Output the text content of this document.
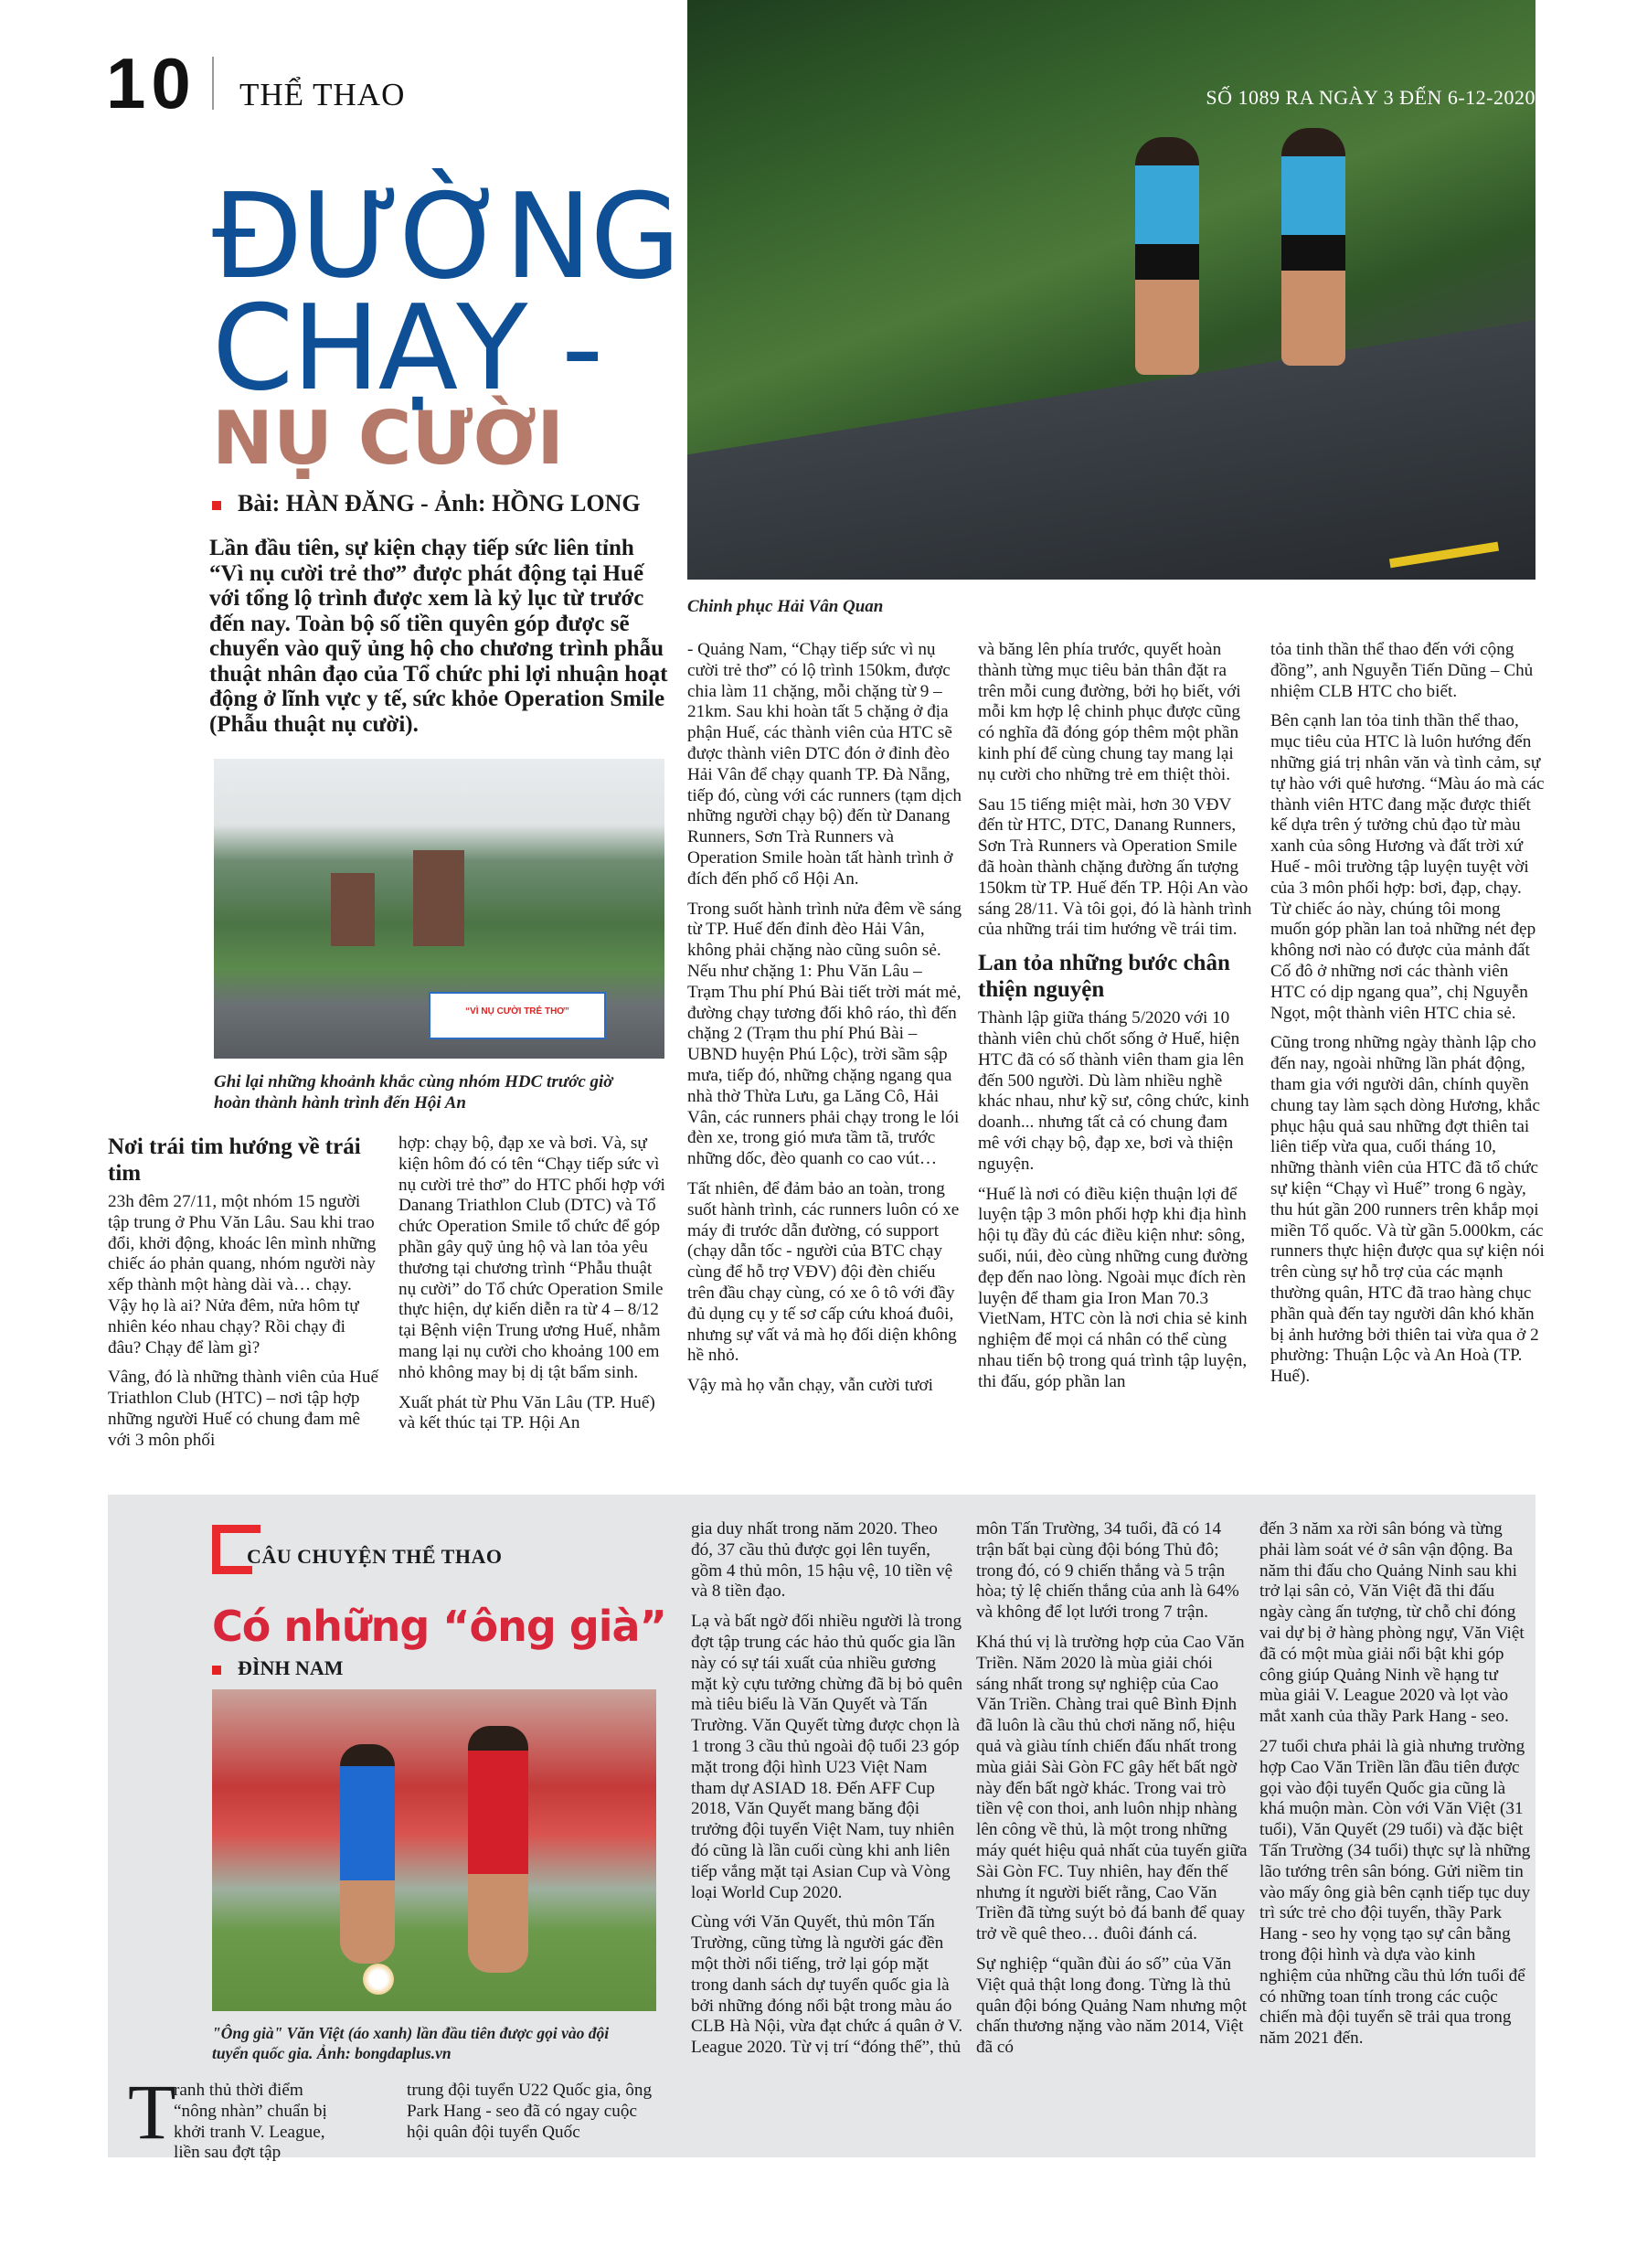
10 THỂ THAO	SỐ 1089 RA NGÀY 3 ĐẾN 6-12-2020
ĐƯỜNG
CHẠY -
NỤ CƯỜI
Bài: HÀN ĐĂNG - Ảnh: HỒNG LONG
Lần đầu tiên, sự kiện chạy tiếp sức liên tỉnh “Vì nụ cười trẻ thơ” được phát động tại Huế với tổng lộ trình được xem là kỷ lục từ trước đến nay. Toàn bộ số tiền quyên góp được sẽ chuyển vào quỹ ủng hộ cho chương trình phẫu thuật nhân đạo của Tổ chức phi lợi nhuận hoạt động ở lĩnh vực y tế, sức khỏe Operation Smile (Phẫu thuật nụ cười).
“VÌ NỤ CƯỜI TRẺ THƠ”
Ghi lại những khoảnh khắc cùng nhóm HDC trước giờ hoàn thành hành trình đến Hội An
Chinh phục Hải Vân Quan
Nơi trái tim hướng về trái tim

23h đêm 27/11, một nhóm 15 người tập trung ở Phu Văn Lâu. Sau khi trao đổi, khởi động, khoác lên mình những chiếc áo phản quang, nhóm người này xếp thành một hàng dài và… chạy. Vậy họ là ai? Nửa đêm, nửa hôm tự nhiên kéo nhau chạy? Rồi chạy đi đâu? Chạy để làm gì?

Vâng, đó là những thành viên của Huế Triathlon Club (HTC) – nơi tập hợp những người Huế có chung đam mê với 3 môn phối

hợp: chạy bộ, đạp xe và bơi. Và, sự kiện hôm đó có tên “Chạy tiếp sức vì nụ cười trẻ thơ” do HTC phối hợp với Danang Triathlon Club (DTC) và Tổ chức Operation Smile tổ chức để góp phần gây quỹ ủng hộ và lan tỏa yêu thương tại chương trình “Phẫu thuật nụ cười” do Tổ chức Operation Smile thực hiện, dự kiến diễn ra từ 4 – 8/12 tại Bệnh viện Trung ương Huế, nhằm mang lại nụ cười cho khoảng 100 em nhỏ không may bị dị tật bẩm sinh.

Xuất phát từ Phu Văn Lâu (TP. Huế) và kết thúc tại TP. Hội An

- Quảng Nam, “Chạy tiếp sức vì nụ cười trẻ thơ” có lộ trình 150km, được chia làm 11 chặng, mỗi chặng từ 9 – 21km. Sau khi hoàn tất 5 chặng ở địa phận Huế, các thành viên của HTC sẽ được thành viên DTC đón ở đỉnh đèo Hải Vân để chạy quanh TP. Đà Nẵng, tiếp đó, cùng với các runners (tạm dịch những người chạy bộ) đến từ Danang Runners, Sơn Trà Runners và Operation Smile hoàn tất hành trình ở đích đến phố cổ Hội An.

Trong suốt hành trình nửa đêm về sáng từ TP. Huế đến đỉnh đèo Hải Vân, không phải chặng nào cũng suôn sẻ. Nếu như chặng 1: Phu Văn Lâu – Trạm Thu phí Phú Bài tiết trời mát mẻ, đường chạy tương đối khô ráo, thì đến chặng 2 (Trạm thu phí Phú Bài – UBND huyện Phú Lộc), trời sầm sập mưa, tiếp đó, những chặng ngang qua nhà thờ Thừa Lưu, ga Lăng Cô, Hải Vân, các runners phải chạy trong le lói đèn xe, trong gió mưa tầm tã, trước những dốc, đèo quanh co cao vút…

Tất nhiên, để đảm bảo an toàn, trong suốt hành trình, các runners luôn có xe máy đi trước dẫn đường, có support (chạy dẫn tốc - người của BTC chạy cùng để hỗ trợ VĐV) đội đèn chiếu trên đầu chạy cùng, có xe ô tô với đầy đủ dụng cụ y tế sơ cấp cứu khoá đuôi, nhưng sự vất vả mà họ đối diện không hề nhỏ.

Vậy mà họ vẫn chạy, vẫn cười tươi

và băng lên phía trước, quyết hoàn thành từng mục tiêu bản thân đặt ra trên mỗi cung đường, bởi họ biết, với mỗi km hợp lệ chinh phục được cũng có nghĩa đã đóng góp thêm một phần kinh phí để cùng chung tay mang lại nụ cười cho những trẻ em thiệt thòi.

Sau 15 tiếng miệt mài, hơn 30 VĐV đến từ HTC, DTC, Danang Runners, Sơn Trà Runners và Operation Smile đã hoàn thành chặng đường ấn tượng 150km từ TP. Huế đến TP. Hội An vào sáng 28/11. Và tôi gọi, đó là hành trình của những trái tim hướng về trái tim.

Lan tỏa những bước chân thiện nguyện

Thành lập giữa tháng 5/2020 với 10 thành viên chủ chốt sống ở Huế, hiện HTC đã có số thành viên tham gia lên đến 500 người. Dù làm nhiều nghề khác nhau, như kỹ sư, công chức, kinh doanh... nhưng tất cả có chung đam mê với chạy bộ, đạp xe, bơi và thiện nguyện.

“Huế là nơi có điều kiện thuận lợi để luyện tập 3 môn phối hợp khi địa hình hội tụ đầy đủ các điều kiện như: sông, suối, núi, đèo cùng những cung đường đẹp đến nao lòng. Ngoài mục đích rèn luyện để tham gia Iron Man 70.3 VietNam, HTC còn là nơi chia sẻ kinh nghiệm để mọi cá nhân có thể cùng nhau tiến bộ trong quá trình tập luyện, thi đấu, góp phần lan

tỏa tinh thần thể thao đến với cộng đồng”, anh Nguyễn Tiến Dũng – Chủ nhiệm CLB HTC cho biết.

Bên cạnh lan tỏa tinh thần thể thao, mục tiêu của HTC là luôn hướng đến những giá trị nhân văn và tình cảm, sự tự hào với quê hương. “Màu áo mà các thành viên HTC đang mặc được thiết kế dựa trên ý tưởng chủ đạo từ màu xanh của sông Hương và đất trời xứ Huế - môi trường tập luyện tuyệt vời của 3 môn phối hợp: bơi, đạp, chạy. Từ chiếc áo này, chúng tôi mong muốn góp phần lan toả những nét đẹp không nơi nào có được của mảnh đất Cố đô ở những nơi các thành viên HTC có dịp ngang qua”, chị Nguyễn Ngọt, một thành viên HTC chia sẻ.

Cũng trong những ngày thành lập cho đến nay, ngoài những lần phát động, tham gia với người dân, chính quyền chung tay làm sạch dòng Hương, khắc phục hậu quả sau những đợt thiên tai liên tiếp vừa qua, cuối tháng 10, những thành viên của HTC đã tổ chức sự kiện “Chạy vì Huế” trong 6 ngày, thu hút gần 200 runners trên khắp mọi miền Tổ quốc. Và từ gần 5.000km, các runners thực hiện được qua sự kiện nói trên cùng sự hỗ trợ của các mạnh thường quân, HTC đã trao hàng chục phần quà đến tay người dân khó khăn bị ảnh hưởng bởi thiên tai vừa qua ở 2 phường: Thuận Lộc và An Hoà (TP. Huế).

CÂU CHUYỆN THỂ THAO
Có những “ông già”
ĐÌNH NAM
"Ông già" Văn Việt (áo xanh) lần đầu tiên được gọi vào đội tuyển quốc gia. Ảnh: bongdaplus.vn
T

ranh thủ thời điểm “nông nhàn” chuẩn bị khởi tranh V. League, liền sau đợt tập

trung đội tuyển U22 Quốc gia, ông Park Hang - seo đã có ngay cuộc hội quân đội tuyển Quốc

gia duy nhất trong năm 2020. Theo đó, 37 cầu thủ được gọi lên tuyển, gồm 4 thủ môn, 15 hậu vệ, 10 tiền vệ và 8 tiền đạo.

Lạ và bất ngờ đối nhiều người là trong đợt tập trung các hảo thủ quốc gia lần này có sự tái xuất của nhiều gương mặt kỳ cựu tưởng chừng đã bị bỏ quên mà tiêu biểu là Văn Quyết và Tấn Trường. Văn Quyết từng được chọn là 1 trong 3 cầu thủ ngoài độ tuổi 23 góp mặt trong đội hình U23 Việt Nam tham dự ASIAD 18. Đến AFF Cup 2018, Văn Quyết mang băng đội trưởng đội tuyển Việt Nam, tuy nhiên đó cũng là lần cuối cùng khi anh liên tiếp vắng mặt tại Asian Cup và Vòng loại World Cup 2020.

Cùng với Văn Quyết, thủ môn Tấn Trường, cũng từng là người gác đền một thời nổi tiếng, trở lại góp mặt trong danh sách dự tuyển quốc gia là bởi những đóng nổi bật trong màu áo CLB Hà Nội, vừa đạt chức á quân ở V. League 2020. Từ vị trí “đóng thế”, thủ

môn Tấn Trường, 34 tuổi, đã có 14 trận bất bại cùng đội bóng Thủ đô; trong đó, có 9 chiến thắng và 5 trận hòa; tỷ lệ chiến thắng của anh là 64% và không để lọt lưới trong 7 trận.

Khá thú vị là trường hợp của Cao Văn Triền. Năm 2020 là mùa giải chói sáng nhất trong sự nghiệp của Cao Văn Triền. Chàng trai quê Bình Định đã luôn là cầu thủ chơi năng nổ, hiệu quả và giàu tính chiến đấu nhất trong mùa giải Sài Gòn FC gây hết bất ngờ này đến bất ngờ khác. Trong vai trò tiền vệ con thoi, anh luôn nhịp nhàng lên công về thủ, là một trong những máy quét hiệu quả nhất của tuyến giữa Sài Gòn FC. Tuy nhiên, hay đến thế nhưng ít người biết rằng, Cao Văn Triền đã từng suýt bỏ đá banh để quay trở về quê theo… đuôi đánh cá.

Sự nghiệp “quần đùi áo số” của Văn Việt quả thật long đong. Từng là thủ quân đội bóng Quảng Nam nhưng một chấn thương nặng vào năm 2014, Việt đã có

đến 3 năm xa rời sân bóng và từng phải làm soát vé ở sân vận động. Ba năm thi đấu cho Quảng Ninh sau khi trở lại sân cỏ, Văn Việt đã thi đấu ngày càng ấn tượng, từ chỗ chỉ đóng vai dự bị ở hàng phòng ngự, Văn Việt đã có một mùa giải nổi bật khi góp công giúp Quảng Ninh về hạng tư mùa giải V. League 2020 và lọt vào mắt xanh của thầy Park Hang - seo.

27 tuổi chưa phải là già nhưng trường hợp Cao Văn Triền lần đầu tiên được gọi vào đội tuyển Quốc gia cũng là khá muộn màn. Còn với Văn Việt (31 tuổi), Văn Quyết (29 tuổi) và đặc biệt Tấn Trường (34 tuổi) thực sự là những lão tướng trên sân bóng. Gửi niềm tin vào mấy ông già bên cạnh tiếp tục duy trì sức trẻ cho đội tuyển, thầy Park Hang - seo hy vọng tạo sự cân bằng trong đội hình và dựa vào kinh nghiệm của những cầu thủ lớn tuổi để có những toan tính trong các cuộc chiến mà đội tuyển sẽ trải qua trong năm 2021 đến.
